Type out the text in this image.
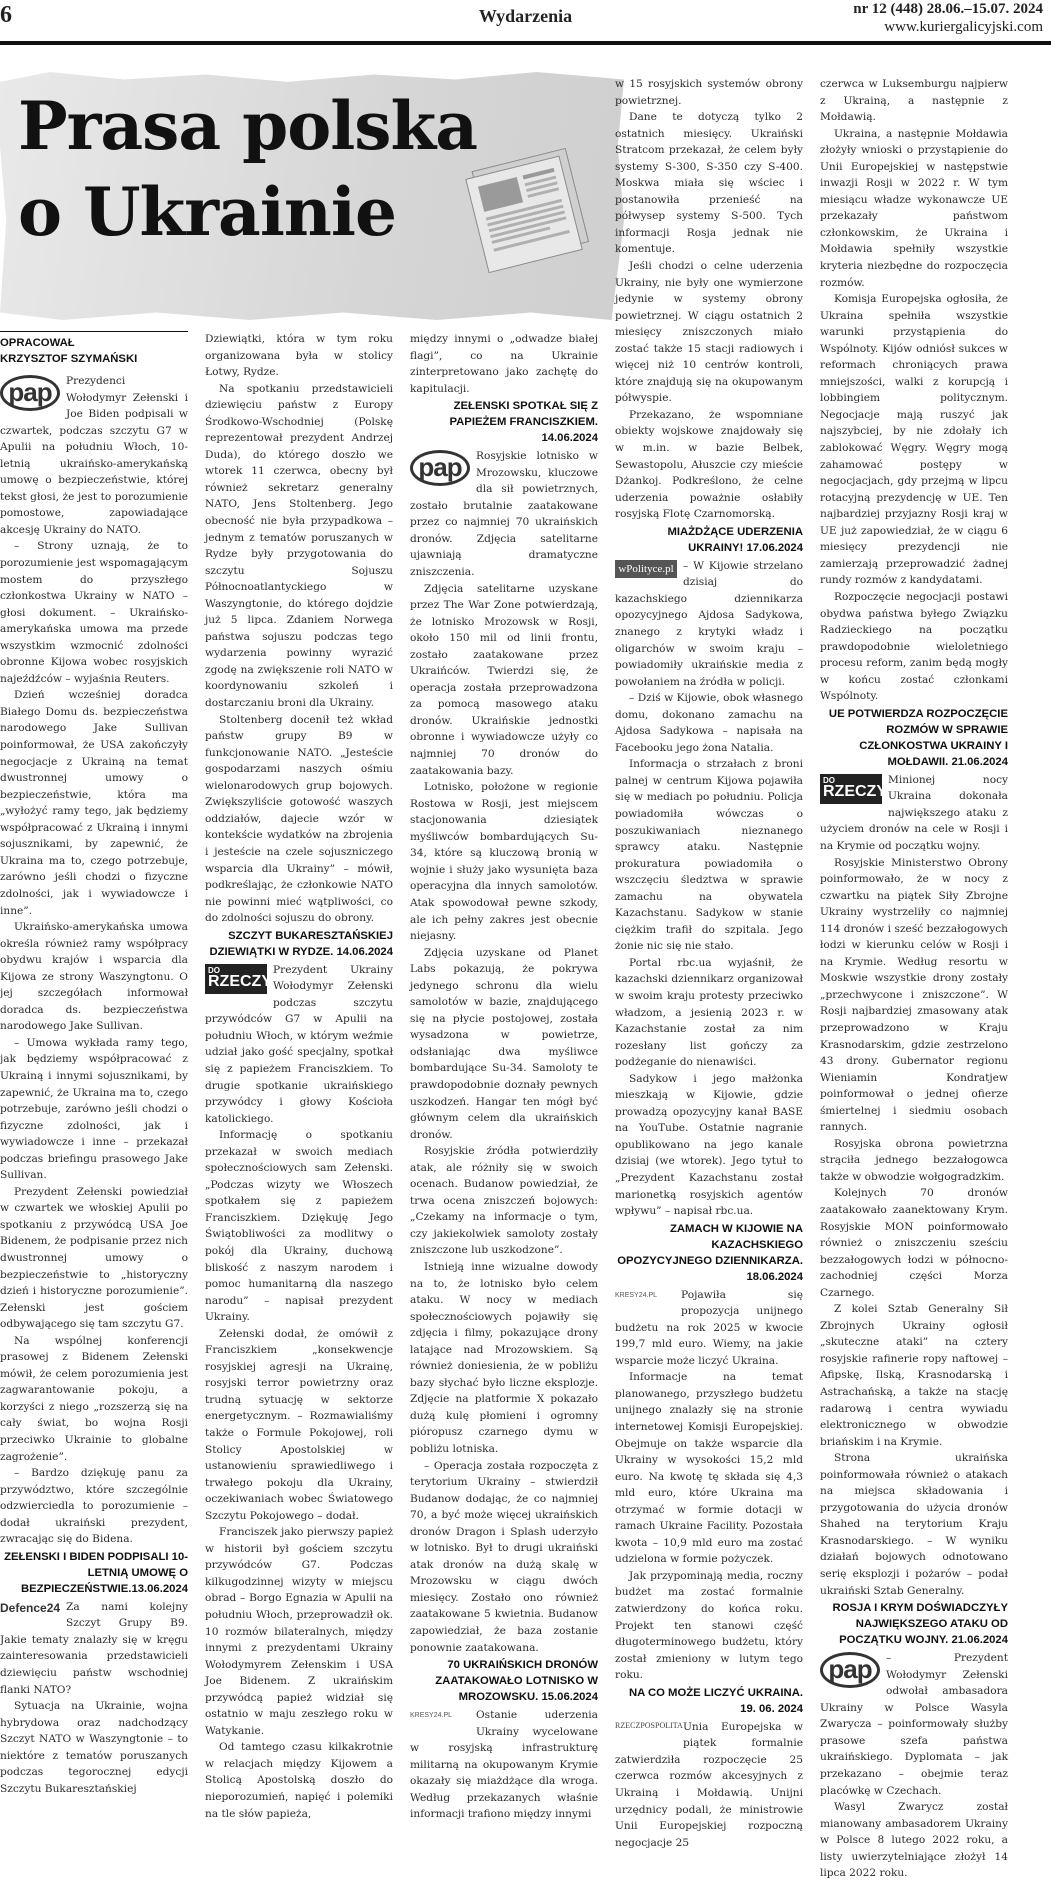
6	Wydarzenia	nr 12 (448) 28.06.–15.07. 2024
www.kuriergalicyjski.com
Prasa polska
o Ukrainie
OPRACOWAŁ
KRZYSZTOF SZYMAŃSKI
pap	Prezydenci Wołodymyr Zełenski i Joe Biden podpisali w czwartek, podczas szczytu G7 w Apulii na południu Włoch, 10-letnią ukraińsko-amerykańską umowę o bezpieczeństwie, której tekst głosi, że jest to porozumienie pomostowe, zapowiadające akcesję Ukrainy do NATO.

– Strony uznają, że to porozumienie jest wspomagającym mostem do przyszłego członkostwa Ukrainy w NATO – głosi dokument. – Ukraińsko-amerykańska umowa ma przede wszystkim wzmocnić zdolności obronne Kijowa wobec rosyjskich najeźdźców – wyjaśnia Reuters.

Dzień wcześniej doradca Białego Domu ds. bezpieczeństwa narodowego Jake Sullivan poinformował, że USA zakończyły negocjacje z Ukrainą na temat dwustronnej umowy o bezpieczeństwie, która ma „wyłożyć ramy tego, jak będziemy współpracować z Ukrainą i innymi sojusznikami, by zapewnić, że Ukraina ma to, czego potrzebuje, zarówno jeśli chodzi o fizyczne zdolności, jak i wywiadowcze i inne”.

Ukraińsko-amerykańska umowa określa również ramy współpracy obydwu krajów i wsparcia dla Kijowa ze strony Waszyngtonu. O jej szczegółach informował doradca ds. bezpieczeństwa narodowego Jake Sullivan.

– Umowa wykłada ramy tego, jak będziemy współpracować z Ukrainą i innymi sojusznikami, by zapewnić, że Ukraina ma to, czego potrzebuje, zarówno jeśli chodzi o fizyczne zdolności, jak i wywiadowcze i inne – przekazał podczas briefingu prasowego Jake Sullivan.

Prezydent Zełenski powiedział w czwartek we włoskiej Apulii po spotkaniu z przywódcą USA Joe Bidenem, że podpisanie przez nich dwustronnej umowy o bezpieczeństwie to „historyczny dzień i historyczne porozumienie”. Zełenski jest gościem odbywającego się tam szczytu G7.

Na wspólnej konferencji prasowej z Bidenem Zełenski mówił, że celem porozumienia jest zagwarantowanie pokoju, a korzyści z niego „rozszerzą się na cały świat, bo wojna Rosji przeciwko Ukrainie to globalne zagrożenie”.

– Bardzo dziękuję panu za przywództwo, które szczególnie odzwierciedla to porozumienie – dodał ukraiński prezydent, zwracając się do Bidena.

ZEŁENSKI I BIDEN PODPISALI 10-LETNIĄ UMOWĘ O BEZPIECZEŃSTWIE.13.06.2024
Defence24 Za nami kolejny Szczyt Grupy B9. Jakie tematy znalazły się w kręgu zainteresowania przedstawicieli dziewięciu państw wschodniej flanki NATO?

Sytuacja na Ukrainie, wojna hybrydowa oraz nadchodzący Szczyt NATO w Waszyngtonie – to niektóre z tematów poruszanych podczas tegorocznej edycji Szczytu Bukaresztańskiej

Dziewiątki, która w tym roku organizowana była w stolicy Łotwy, Rydze.

Na spotkaniu przedstawicieli dziewięciu państw z Europy Środkowo-Wschodniej (Polskę reprezentował prezydent Andrzej Duda), do którego doszło we wtorek 11 czerwca, obecny był również sekretarz generalny NATO, Jens Stoltenberg. Jego obecność nie była przypadkowa – jednym z tematów poruszanych w Rydze były przygotowania do szczytu Sojuszu Północnoatlantyckiego w Waszyngtonie, do którego dojdzie już 5 lipca. Zdaniem Norwega państwa sojuszu podczas tego wydarzenia powinny wyrazić zgodę na zwiększenie roli NATO w koordynowaniu szkoleń i dostarczaniu broni dla Ukrainy.

Stoltenberg docenił też wkład państw grupy B9 w funkcjonowanie NATO. „Jesteście gospodarzami naszych ośmiu wielonarodowych grup bojowych. Zwiększyliście gotowość waszych oddziałów, dajecie wzór w kontekście wydatków na zbrojenia i jesteście na czele sojuszniczego wsparcia dla Ukrainy” – mówił, podkreślając, że członkowie NATO nie powinni mieć wątpliwości, co do zdolności sojuszu do obrony.

SZCZYT BUKARESZTAŃSKIEJ DZIEWIĄTKI W RYDZE. 14.06.2024
DO
RZECZY

Prezydent Ukrainy Wołodymyr Zełenski podczas szczytu przywódców G7 w Apulii na południu Włoch, w którym weźmie udział jako gość specjalny, spotkał się z papieżem Franciszkiem. To drugie spotkanie ukraińskiego przywódcy i głowy Kościoła katolickiego.

Informację o spotkaniu przekazał w swoich mediach społecznościowych sam Zełenski. „Podczas wizyty we Włoszech spotkałem się z papieżem Franciszkiem. Dziękuję Jego Świątobliwości za modlitwy o pokój dla Ukrainy, duchową bliskość z naszym narodem i pomoc humanitarną dla naszego narodu” – napisał prezydent Ukrainy.

Zełenski dodał, że omówił z Franciszkiem „konsekwencje rosyjskiej agresji na Ukrainę, rosyjski terror powietrzny oraz trudną sytuację w sektorze energetycznym. – Rozmawialiśmy także o Formule Pokojowej, roli Stolicy Apostolskiej w ustanowieniu sprawiedliwego i trwałego pokoju dla Ukrainy, oczekiwaniach wobec Światowego Szczytu Pokojowego – dodał.

Franciszek jako pierwszy papież w historii był gościem szczytu przywódców G7. Podczas kilkugodzinnej wizyty w miejscu obrad – Borgo Egnazia w Apulii na południu Włoch, przeprowadził ok. 10 rozmów bilateralnych, między innymi z prezydentami Ukrainy Wołodymyrem Zełenskim i USA Joe Bidenem. Z ukraińskim przywódcą papież widział się ostatnio w maju zeszłego roku w Watykanie.

Od tamtego czasu kilkakrotnie w relacjach między Kijowem a Stolicą Apostolską doszło do nieporozumień, napięć i polemiki na tle słów papieża,

między innymi o „odwadze białej flagi”, co na Ukrainie zinterpretowano jako zachętę do kapitulacji.

ZEŁENSKI SPOTKAŁ SIĘ Z PAPIEŻEM FRANCISZKIEM. 14.06.2024
pap	Rosyjskie lotnisko w Mrozowsku, kluczowe dla sił powietrznych, zostało brutalnie zaatakowane przez co najmniej 70 ukraińskich dronów. Zdjęcia satelitarne ujawniają dramatyczne zniszczenia.

Zdjęcia satelitarne uzyskane przez The War Zone potwierdzają, że lotnisko Mrozowsk w Rosji, około 150 mil od linii frontu, zostało zaatakowane przez Ukraińców. Twierdzi się, że operacja została przeprowadzona za pomocą masowego ataku dronów. Ukraińskie jednostki obronne i wywiadowcze użyły co najmniej 70 dronów do zaatakowania bazy.

Lotnisko, położone w regionie Rostowa w Rosji, jest miejscem stacjonowania dziesiątek myśliwców bombardujących Su-34, które są kluczową bronią w wojnie i służy jako wysunięta baza operacyjna dla innych samolotów. Atak spowodował pewne szkody, ale ich pełny zakres jest obecnie niejasny.

Zdjęcia uzyskane od Planet Labs pokazują, że pokrywa jedynego schronu dla wielu samolotów w bazie, znajdującego się na płycie postojowej, została wysadzona w powietrze, odsłaniając dwa myśliwce bombardujące Su-34. Samoloty te prawdopodobnie doznały pewnych uszkodzeń. Hangar ten mógł być głównym celem dla ukraińskich dronów.

Rosyjskie źródła potwierdziły atak, ale różniły się w swoich ocenach. Budanow powiedział, że trwa ocena zniszczeń bojowych: „Czekamy na informacje o tym, czy jakiekolwiek samoloty zostały zniszczone lub uszkodzone”.

Istnieją inne wizualne dowody na to, że lotnisko było celem ataku. W nocy w mediach społecznościowych pojawiły się zdjęcia i filmy, pokazujące drony latające nad Mrozowskiem. Są również doniesienia, że w pobliżu bazy słychać było liczne eksplozje. Zdjęcie na platformie X pokazało dużą kulę płomieni i ogromny pióropusz czarnego dymu w pobliżu lotniska.

– Operacja została rozpoczęta z terytorium Ukrainy – stwierdził Budanow dodając, że co najmniej 70, a być może więcej ukraińskich dronów Dragon i Splash uderzyło w lotnisko. Był to drugi ukraiński atak dronów na dużą skalę w Mrozowsku w ciągu dwóch miesięcy. Zostało ono również zaatakowane 5 kwietnia. Budanow zapowiedział, że baza zostanie ponownie zaatakowana.

70 UKRAIŃSKICH DRONÓW ZAATAKOWAŁO LOTNISKO W MROZOWSKU. 15.06.2024
KRESY24.PL	Ostanie uderzenia Ukrainy wycelowane w rosyjską infrastrukturę militarną na okupowanym Krymie okazały się miażdżące dla wroga. Według przekazanych właśnie informacji trafiono między innymi

w 15 rosyjskich systemów obrony powietrznej.

Dane te dotyczą tylko 2 ostatnich miesięcy. Ukraiński Stratcom przekazał, że celem były systemy S-300, S-350 czy S-400. Moskwa miała się wściec i postanowiła przenieść na półwysep systemy S-500. Tych informacji Rosja jednak nie komentuje.

Jeśli chodzi o celne uderzenia Ukrainy, nie były one wymierzone jedynie w systemy obrony powietrznej. W ciągu ostatnich 2 miesięcy zniszczonych miało zostać także 15 stacji radiowych i więcej niż 10 centrów kontroli, które znajdują się na okupowanym półwyspie.

Przekazano, że wspomniane obiekty wojskowe znajdowały się w m.in. w bazie Belbek, Sewastopolu, Ałuszcie czy mieście Dżankoj. Podkreślono, że celne uderzenia poważnie osłabiły rosyjską Flotę Czarnomorską.

MIAŻDŻĄCE UDERZENIA UKRAINY! 17.06.2024
wPolityce.pl – W Kijowie strzelano dzisiaj do kazachskiego dziennikarza opozycyjnego Ajdosa Sadykowa, znanego z krytyki władz i oligarchów w swoim kraju – powiadomiły ukraińskie media z powołaniem na źródła w policji.

– Dziś w Kijowie, obok własnego domu, dokonano zamachu na Ajdosa Sadykowa – napisała na Facebooku jego żona Natalia.

Informacja o strzałach z broni palnej w centrum Kijowa pojawiła się w mediach po południu. Policja powiadomiła wówczas o poszukiwaniach nieznanego sprawcy ataku. Następnie prokuratura powiadomiła o wszczęciu śledztwa w sprawie zamachu na obywatela Kazachstanu. Sadykow w stanie ciężkim trafił do szpitala. Jego żonie nic się nie stało.

Portal rbc.ua wyjaśnił, że kazachski dziennikarz organizował w swoim kraju protesty przeciwko władzom, a jesienią 2023 r. w Kazachstanie został za nim rozesłany list gończy za podżeganie do nienawiści.

Sadykow i jego małżonka mieszkają w Kijowie, gdzie prowadzą opozycyjny kanał BASE na YouTube. Ostatnie nagranie opublikowano na jego kanale dzisiaj (we wtorek). Jego tytuł to „Prezydent Kazachstanu został marionetką rosyjskich agentów wpływu” – napisał rbc.ua.

ZAMACH W KIJOWIE NA KAZACHSKIEGO OPOZYCYJNEGO DZIENNIKARZA. 18.06.2024
KRESY24.PL	Pojawiła się propozycja unijnego budżetu na rok 2025 w kwocie 199,7 mld euro. Wiemy, na jakie wsparcie może liczyć Ukraina.

Informacje na temat planowanego, przyszłego budżetu unijnego znalazły się na stronie internetowej Komisji Europejskiej. Obejmuje on także wsparcie dla Ukrainy w wysokości 15,2 mld euro. Na kwotę tę składa się 4,3 mld euro, które Ukraina ma otrzymać w formie dotacji w ramach Ukraine Facility. Pozostała kwota – 10,9 mld euro ma zostać udzielona w formie pożyczek.

Jak przypominają media, roczny budżet ma zostać formalnie zatwierdzony do końca roku. Projekt ten stanowi część długoterminowego budżetu, który został zmieniony w lutym tego roku.

NA CO MOŻE LICZYĆ UKRAINA. 19. 06. 2024
RZECZPOSPOLITA Unia Europejska w piątek formalnie zatwierdziła rozpoczęcie 25 czerwca rozmów akcesyjnych z Ukrainą i Mołdawią. Unijni urzędnicy podali, że ministrowie Unii Europejskiej rozpoczną negocjacje 25

czerwca w Luksemburgu najpierw z Ukrainą, a następnie z Mołdawią.

Ukraina, a następnie Mołdawia złożyły wnioski o przystąpienie do Unii Europejskiej w następstwie inwazji Rosji w 2022 r. W tym miesiącu władze wykonawcze UE przekazały państwom członkowskim, że Ukraina i Mołdawia spełniły wszystkie kryteria niezbędne do rozpoczęcia rozmów.

Komisja Europejska ogłosiła, że Ukraina spełniła wszystkie warunki przystąpienia do Wspólnoty. Kijów odniósł sukces w reformach chroniących prawa mniejszości, walki z korupcją i lobbingiem politycznym. Negocjacje mają ruszyć jak najszybciej, by nie zdołały ich zablokować Węgry. Węgry mogą zahamować postępy w negocjacjach, gdy przejmą w lipcu rotacyjną prezydencję w UE. Ten najbardziej przyjazny Rosji kraj w UE już zapowiedział, że w ciągu 6 miesięcy prezydencji nie zamierzają przeprowadzić żadnej rundy rozmów z kandydatami.

Rozpoczęcie negocjacji postawi obydwa państwa byłego Związku Radzieckiego na początku prawdopodobnie wieloletniego procesu reform, zanim będą mogły w końcu zostać członkami Wspólnoty.

UE POTWIERDZA ROZPOCZĘCIE ROZMÓW W SPRAWIE CZŁONKOSTWA UKRAINY I MOŁDAWII. 21.06.2024
DO
RZECZY

Minionej nocy Ukraina dokonała największego ataku z użyciem dronów na cele w Rosji i na Krymie od początku wojny.

Rosyjskie Ministerstwo Obrony poinformowało, że w nocy z czwartku na piątek Siły Zbrojne Ukrainy wystrzeliły co najmniej 114 dronów i sześć bezzałogowych łodzi w kierunku celów w Rosji i na Krymie. Według resortu w Moskwie wszystkie drony zostały „przechwycone i zniszczone”. W Rosji najbardziej zmasowany atak przeprowadzono w Kraju Krasnodarskim, gdzie zestrzelono 43 drony. Gubernator regionu Wieniamin Kondratjew poinformował o jednej ofierze śmiertelnej i siedmiu osobach rannych.

Rosyjska obrona powietrzna strąciła jednego bezzałogowca także w obwodzie wołgogradzkim.

Kolejnych 70 dronów zaatakowało zaanektowany Krym. Rosyjskie MON poinformowało również o zniszczeniu sześciu bezzałogowych łodzi w północno-zachodniej części Morza Czarnego.

Z kolei Sztab Generalny Sił Zbrojnych Ukrainy ogłosił „skuteczne ataki” na cztery rosyjskie rafinerie ropy naftowej – Afipskę, Ilską, Krasnodarską i Astrachańską, a także na stację radarową i centra wywiadu elektronicznego w obwodzie briańskim i na Krymie.

Strona ukraińska poinformowała również o atakach na miejsca składowania i przygotowania do użycia dronów Shahed na terytorium Kraju Krasnodarskiego. – W wyniku działań bojowych odnotowano serię eksplozji i pożarów – podał ukraiński Sztab Generalny.

ROSJA I KRYM DOŚWIADCZYŁY NAJWIĘKSZEGO ATAKU OD POCZĄTKU WOJNY. 21.06.2024
pap	– Prezydent Wołodymyr Zełenski odwołał ambasadora Ukrainy w Polsce Wasyla Zwarycza – poinformowały służby prasowe szefa państwa ukraińskiego. Dyplomata – jak przekazano – obejmie teraz placówkę w Czechach.

Wasyl Zwarycz został mianowany ambasadorem Ukrainy w Polsce 8 lutego 2022 roku, a listy uwierzytelniające złożył 14 lipca 2022 roku.
